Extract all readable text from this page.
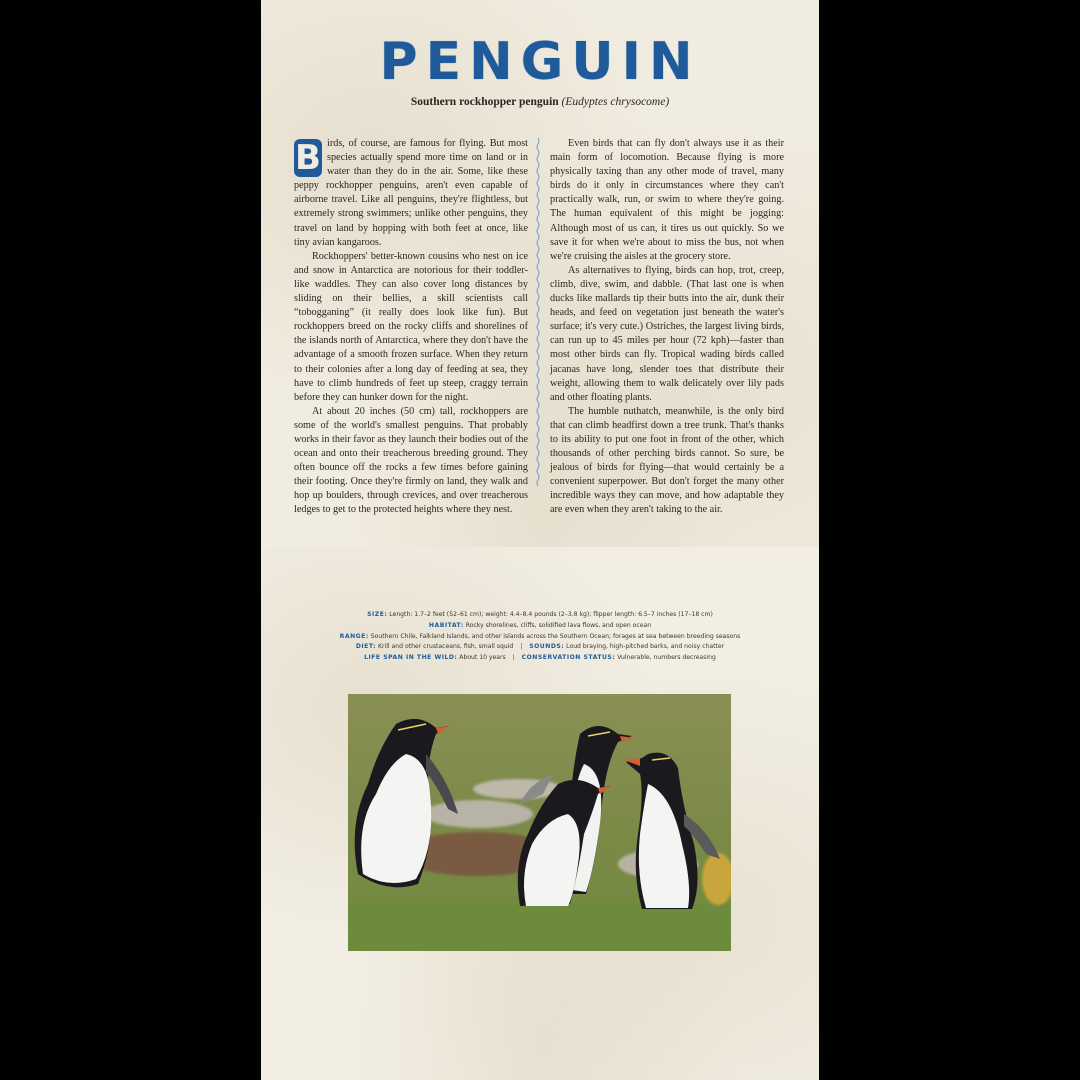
PENGUIN
Southern rockhopper penguin (Eudyptes chrysocome)

B irds, of course, are famous for flying. But most species actually spend more time on land or in water than they do in the air. Some, like these peppy rockhopper penguins, aren't even capable of airborne travel. Like all penguins, they're flightless, but extremely strong swimmers; unlike other penguins, they travel on land by hopping with both feet at once, like tiny avian kangaroos.

Rockhoppers' better-known cousins who nest on ice and snow in Antarctica are notorious for their toddler-like waddles. They can also cover long distances by sliding on their bellies, a skill scientists call “tobogganing” (it really does look like fun). But rockhoppers breed on the rocky cliffs and shorelines of the islands north of Antarctica, where they don't have the advantage of a smooth frozen surface. When they return to their colonies after a long day of feeding at sea, they have to climb hundreds of feet up steep, craggy terrain before they can hunker down for the night.

At about 20 inches (50 cm) tall, rockhoppers are some of the world's smallest penguins. That probably works in their favor as they launch their bodies out of the ocean and onto their treacherous breeding ground. They often bounce off the rocks a few times before gaining their footing. Once they're firmly on land, they walk and hop up boulders, through crevices, and over treacherous ledges to get to the protected heights where they nest.

Even birds that can fly don't always use it as their main form of locomotion. Because flying is more physically taxing than any other mode of travel, many birds do it only in circumstances where they can't practically walk, run, or swim to where they're going. The human equivalent of this might be jogging: Although most of us can, it tires us out quickly. So we save it for when we're about to miss the bus, not when we're cruising the aisles at the grocery store.

As alternatives to flying, birds can hop, trot, creep, climb, dive, swim, and dabble. (That last one is when ducks like mallards tip their butts into the air, dunk their heads, and feed on vegetation just beneath the water's surface; it's very cute.) Ostriches, the largest living birds, can run up to 45 miles per hour (72 kph)—faster than most other birds can fly. Tropical wading birds called jacanas have long, slender toes that distribute their weight, allowing them to walk delicately over lily pads and other floating plants.

The humble nuthatch, meanwhile, is the only bird that can climb headfirst down a tree trunk. That's thanks to its ability to put one foot in front of the other, which thousands of other perching birds cannot. So sure, be jealous of birds for flying—that would certainly be a convenient superpower. But don't forget the many other incredible ways they can move, and how adaptable they are even when they aren't taking to the air.

SIZE: Length: 1.7–2 feet (52–61 cm); weight: 4.4–8.4 pounds (2–3.8 kg); flipper length: 6.5–7 inches (17–18 cm)
HABITAT: Rocky shorelines, cliffs, solidified lava flows, and open ocean
RANGE: Southern Chile, Falkland Islands, and other islands across the Southern Ocean; forages at sea between breeding seasons
DIET: Krill and other crustaceans, fish, small squid | SOUNDS: Loud braying, high-pitched barks, and noisy chatter
LIFE SPAN IN THE WILD: About 10 years | CONSERVATION STATUS: Vulnerable, numbers decreasing
